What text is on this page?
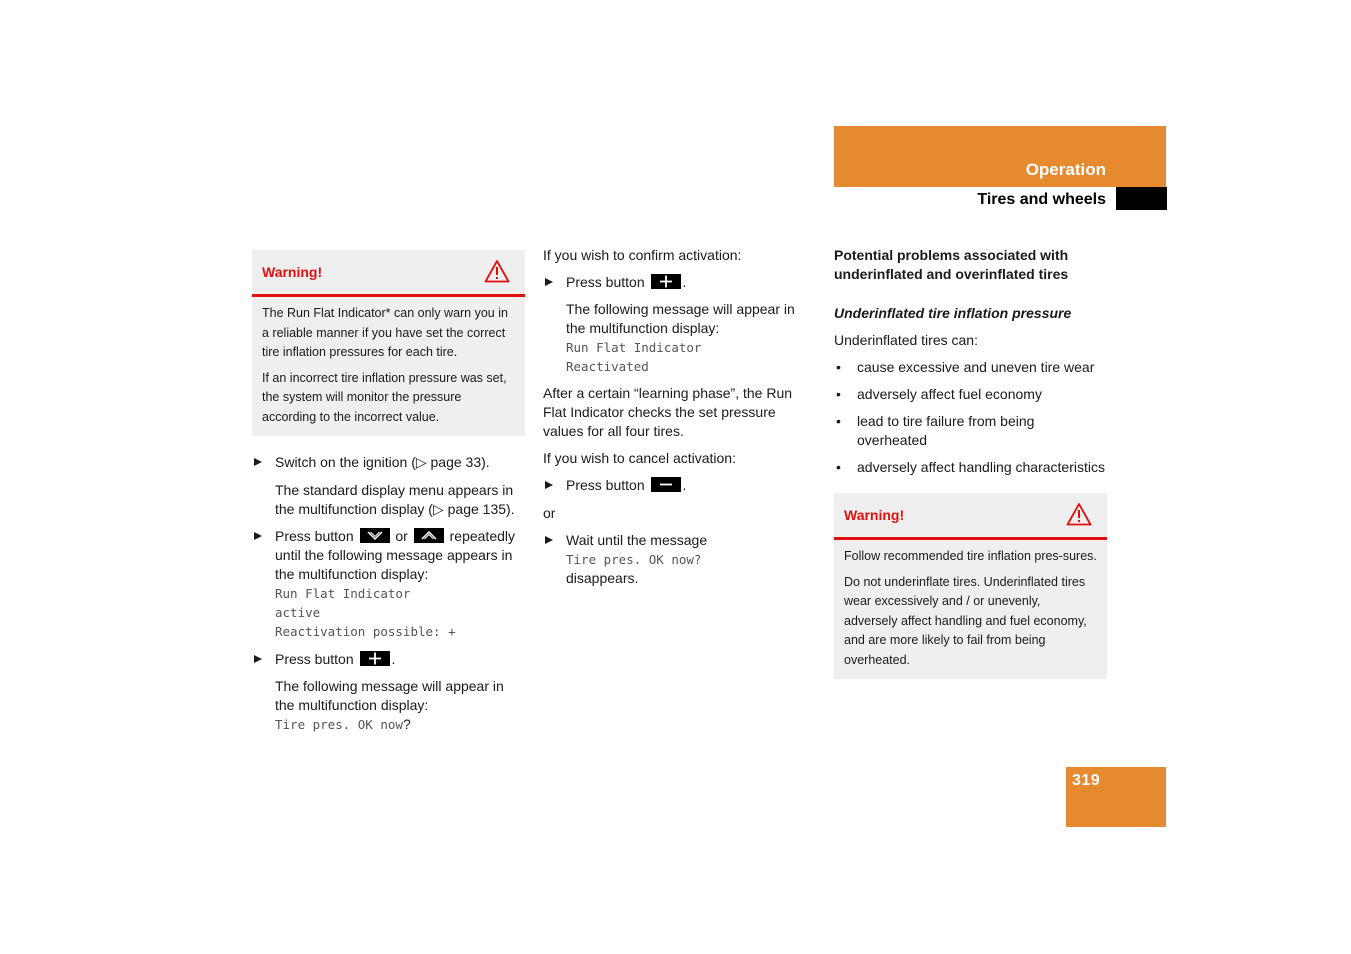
Operation
Tires and wheels
Warning!

The Run Flat Indicator* can only warn you in a reliable manner if you have set the correct tire inflation pressures for each tire.

If an incorrect tire inflation pressure was set, the system will monitor the pressure according to the incorrect value.

Switch on the ignition (▷ page 33).

The standard display menu appears in the multifunction display (▷ page 135).

Press button	or	repeatedly until the following message appears in the multifunction display:

Run Flat Indicator
active
Reactivation possible: +

Press button	.

The following message will appear in the multifunction display:

Tire pres. OK now?

If you wish to confirm activation:

Press button	.

The following message will appear in the multifunction display:

Run Flat Indicator
Reactivated

After a certain “learning phase”, the Run Flat Indicator checks the set pressure values for all four tires.

If you wish to cancel activation:

Press button	.

or

Wait until the message

Tire pres. OK now?

disappears.

Potential problems associated with underinflated and overinflated tires

Underinflated tire inflation pressure

Underinflated tires can:

• cause excessive and uneven tire wear

• adversely affect fuel economy

• lead to tire failure from being overheated

• adversely affect handling characteristics

Warning!

Follow recommended tire inflation pres-sures.

Do not underinflate tires. Underinflated tires wear excessively and / or unevenly, adversely affect handling and fuel economy, and are more likely to fail from being overheated.

319
